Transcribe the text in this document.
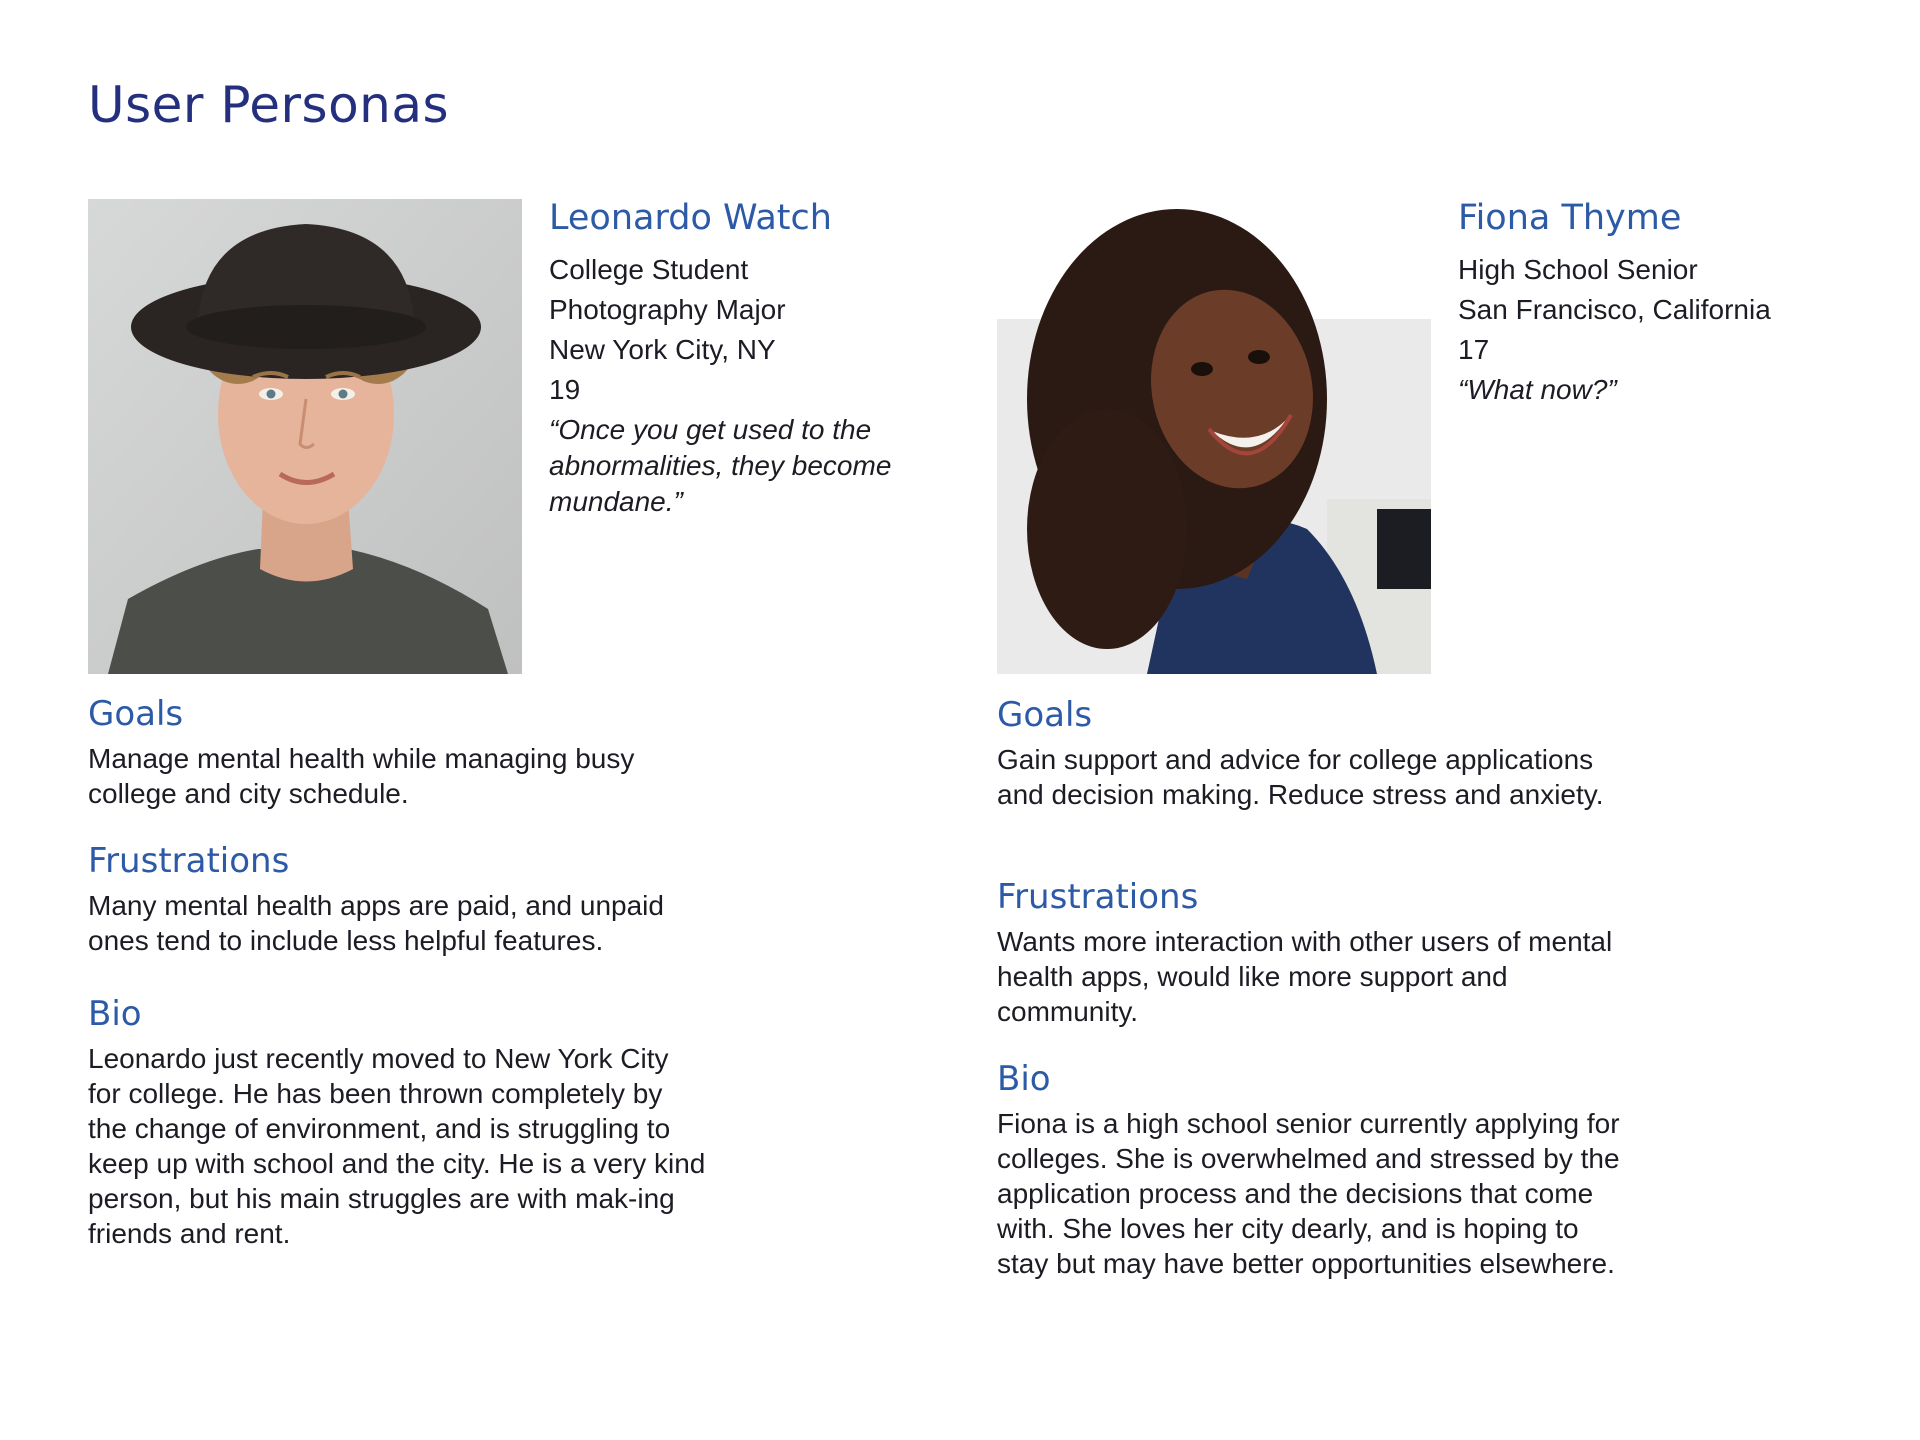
User Personas
Leonardo Watch
College Student
Photography Major
New York City, NY
19
“Once you get used to the abnormalities, they become mundane.”
Goals

Manage mental health while managing busy college and city schedule.

Frustrations

Many mental health apps are paid, and unpaid ones tend to include less helpful features.

Bio

Leonardo just recently moved to New York City for college. He has been thrown completely by the change of environment, and is struggling to keep up with school and the city. He is a very kind person, but his main struggles are with mak-ing friends and rent.

Fiona Thyme
High School Senior
San Francisco, California
17
“What now?”
Goals

Gain support and advice for college applications and decision making. Reduce stress and anxiety.

Frustrations

Wants more interaction with other users of mental health apps, would like more support and community.

Bio

Fiona is a high school senior currently applying for colleges. She is overwhelmed and stressed by the application process and the decisions that come with. She loves her city dearly, and is hoping to stay but may have better opportunities elsewhere.
